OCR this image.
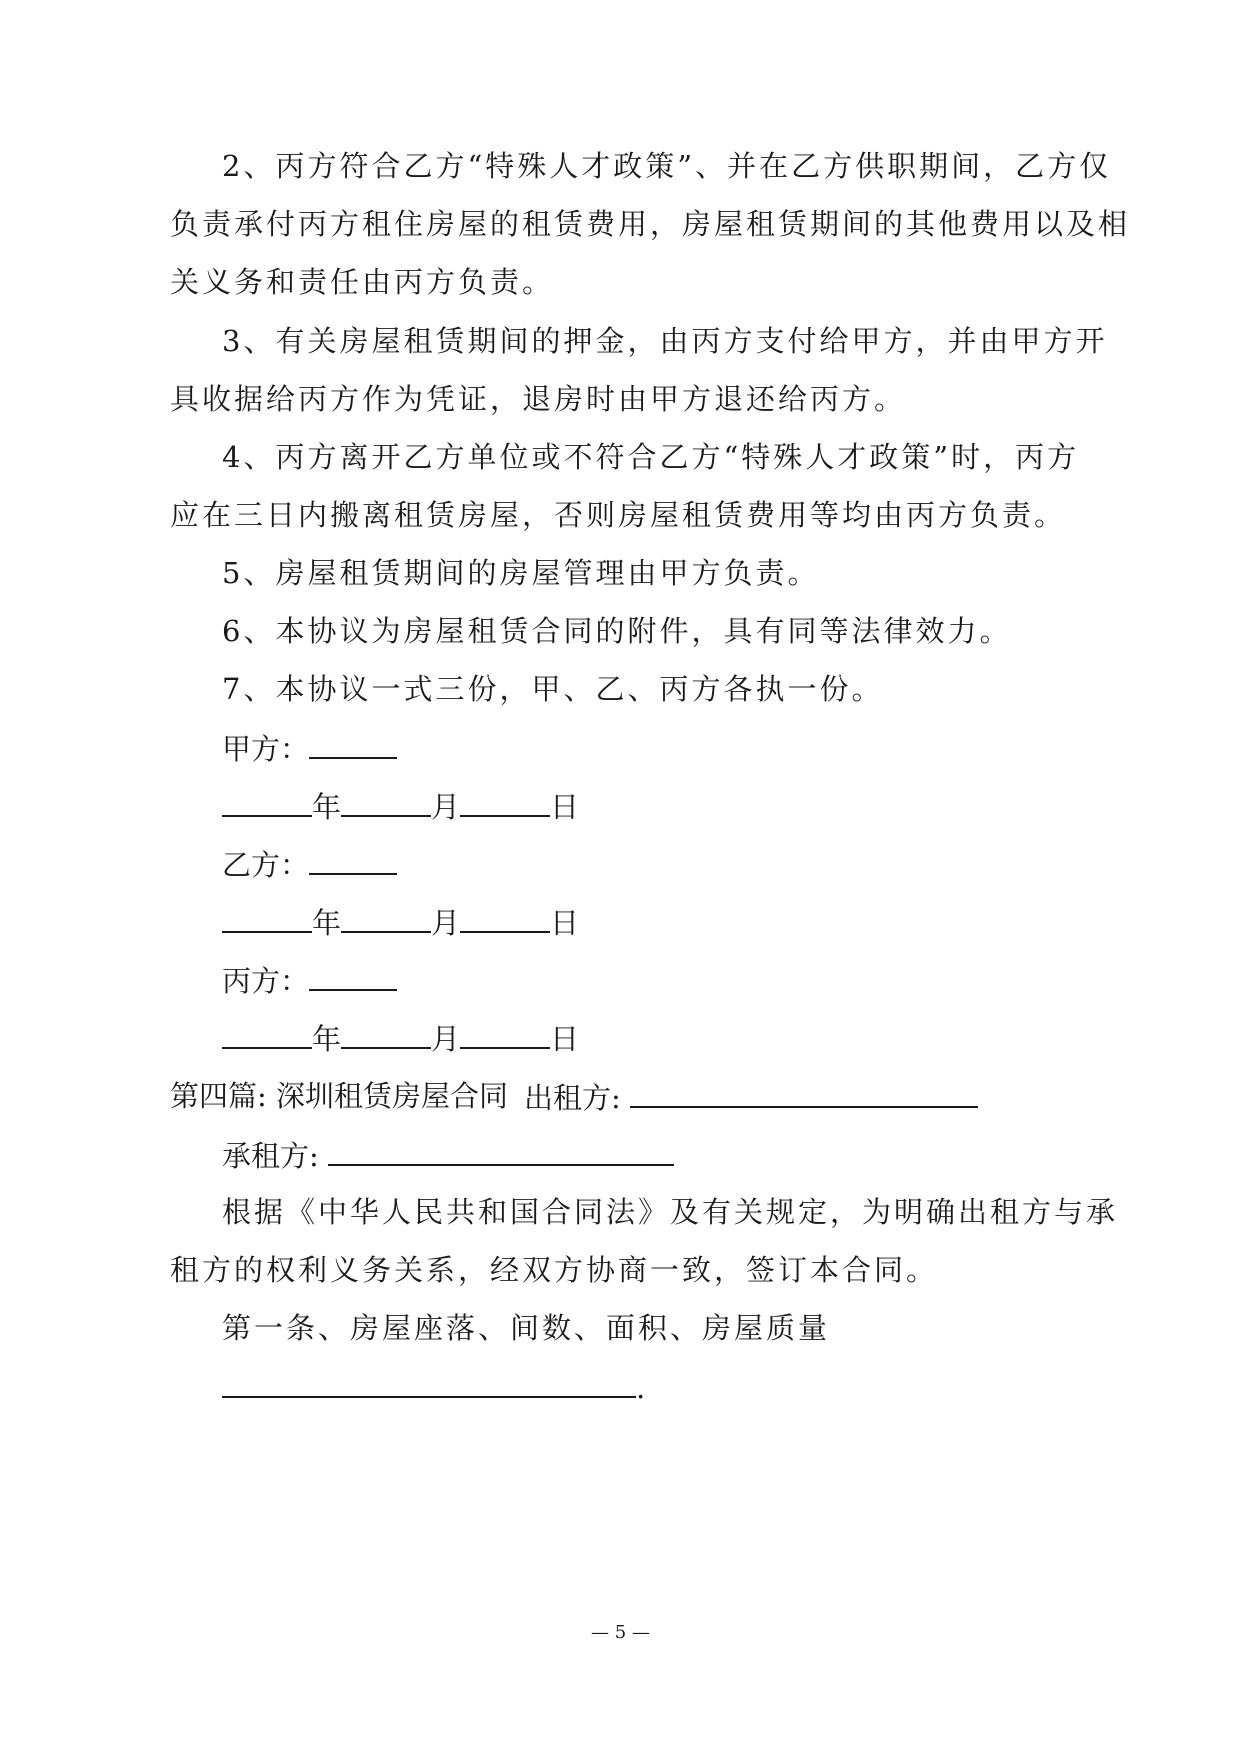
2、丙方符合乙方“特殊人才政策”、并在乙方供职期间，乙方仅
负责承付丙方租住房屋的租赁费用，房屋租赁期间的其他费用以及相
关义务和责任由丙方负责。
3、有关房屋租赁期间的押金，由丙方支付给甲方，并由甲方开
具收据给丙方作为凭证，退房时由甲方退还给丙方。
4、丙方离开乙方单位或不符合乙方“特殊人才政策”时，丙方
应在三日内搬离租赁房屋，否则房屋租赁费用等均由丙方负责。
5、房屋租赁期间的房屋管理由甲方负责。
6、本协议为房屋租赁合同的附件，具有同等法律效力。
7、本协议一式三份，甲、乙、丙方各执一份。
甲方：
年	月	日
乙方：
年	月	日
丙方：
年	月	日
第四篇: 深圳租赁房屋合同 出租方:
承租方:
根据《中华人民共和国合同法》及有关规定，为明确出租方与承
租方的权利义务关系，经双方协商一致，签订本合同。
第一条、房屋座落、间数、面积、房屋质量
.
— 5 —
